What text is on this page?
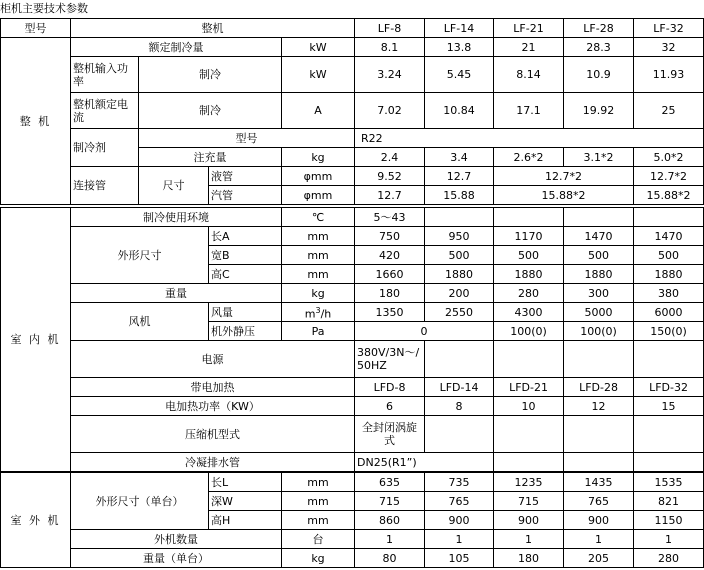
柜机主要技术参数
型号	整机				LF-8	LF-14	LF-21	LF-28	LF-32
整 机	额定制冷量			kW	8.1	13.8	21	28.3	32
	整机输入功率	制冷		kW	3.24	5.45	8.14	10.9	11.93
	整机额定电流	制冷		A	7.02	10.84	17.1	19.92	25
	制冷剂	型号			R22				
		注充量		kg	2.4	3.4	2.6*2	3.1*2	5.0*2
	连接管	尺寸	液管	φmm	9.52	12.7	12.7*2		12.7*2
			汽管	φmm	12.7	15.88	15.88*2		15.88*2
室 内 机	制冷使用环境		℃	5～43				
	外形尺寸	长A	mm	750	950	1170	1470	1470
		宽B	mm	420	500	500	500	500
		高C	mm	1660	1880	1880	1880	1880
	重量		kg	180	200	280	300	380
	风机	风量	$m^3/h$	1350	2550	4300	5000	6000
		机外静压	Pa	0		100(0)	100(0)	150(0)
	电源			380V/3N～/50HZ				
	带电加热			LFD-8	LFD-14	LFD-21	LFD-28	LFD-32
	电加热功率（KW）			6	8	10	12	15
	压缩机型式			全封闭涡旋式				
	冷凝排水管			DN25(R1”)				
室 外 机	外形尺寸（单台）	长L	mm	635	735	1235	1435	1535
		深W	mm	715	765	715	765	821
		高H	mm	860	900	900	900	1150
	外机数量		台	1	1	1	1	1
	重量（单台）		kg	80	105	180	205	280
